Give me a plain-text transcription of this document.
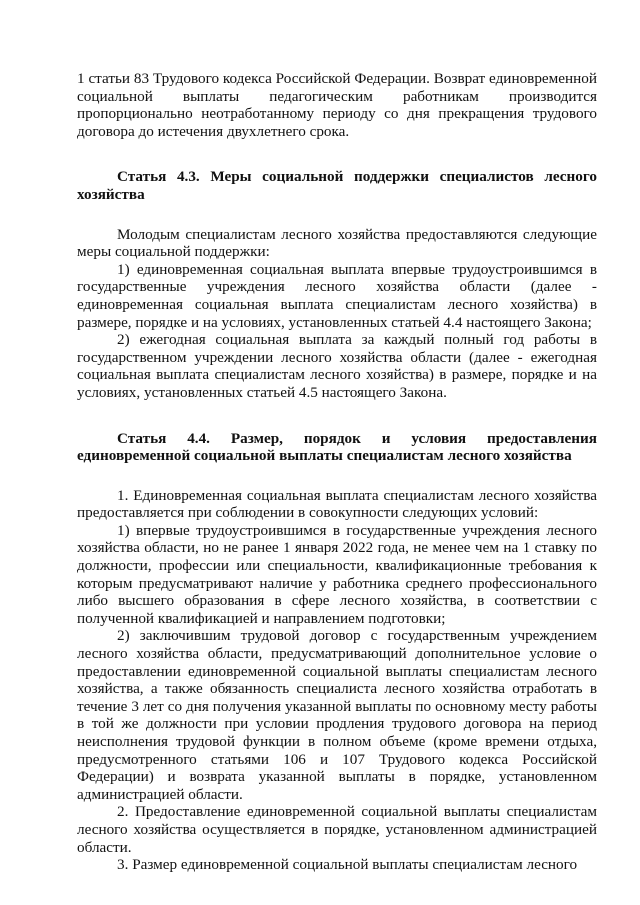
1 статьи 83 Трудового кодекса Российской Федерации. Возврат единовременной социальной выплаты педагогическим работникам производится пропорционально неотработанному периоду со дня прекращения трудового договора до истечения двухлетнего срока.

Статья 4.3. Меры социальной поддержки специалистов лесного хозяйства

Молодым специалистам лесного хозяйства предоставляются следующие меры социальной поддержки:

1) единовременная социальная выплата впервые трудоустроившимся в государственные учреждения лесного хозяйства области (далее - единовременная социальная выплата специалистам лесного хозяйства) в размере, порядке и на условиях, установленных статьей 4.4 настоящего Закона;

2) ежегодная социальная выплата за каждый полный год работы в государственном учреждении лесного хозяйства области (далее - ежегодная социальная выплата специалистам лесного хозяйства) в размере, порядке и на условиях, установленных статьей 4.5 настоящего Закона.

Статья 4.4. Размер, порядок и условия предоставления единовременной социальной выплаты специалистам лесного хозяйства

1. Единовременная социальная выплата специалистам лесного хозяйства предоставляется при соблюдении в совокупности следующих условий:

1) впервые трудоустроившимся в государственные учреждения лесного хозяйства области, но не ранее 1 января 2022 года, не менее чем на 1 ставку по должности, профессии или специальности, квалификационные требования к которым предусматривают наличие у работника среднего профессионального либо высшего образования в сфере лесного хозяйства, в соответствии с полученной квалификацией и направлением подготовки;

2) заключившим трудовой договор с государственным учреждением лесного хозяйства области, предусматривающий дополнительное условие о предоставлении единовременной социальной выплаты специалистам лесного хозяйства, а также обязанность специалиста лесного хозяйства отработать в течение 3 лет со дня получения указанной выплаты по основному месту работы в той же должности при условии продления трудового договора на период неисполнения трудовой функции в полном объеме (кроме времени отдыха, предусмотренного статьями 106 и 107 Трудового кодекса Российской Федерации) и возврата указанной выплаты в порядке, установленном администрацией области.

2. Предоставление единовременной социальной выплаты специалистам лесного хозяйства осуществляется в порядке, установленном администрацией области.

3. Размер единовременной социальной выплаты специалистам лесного
